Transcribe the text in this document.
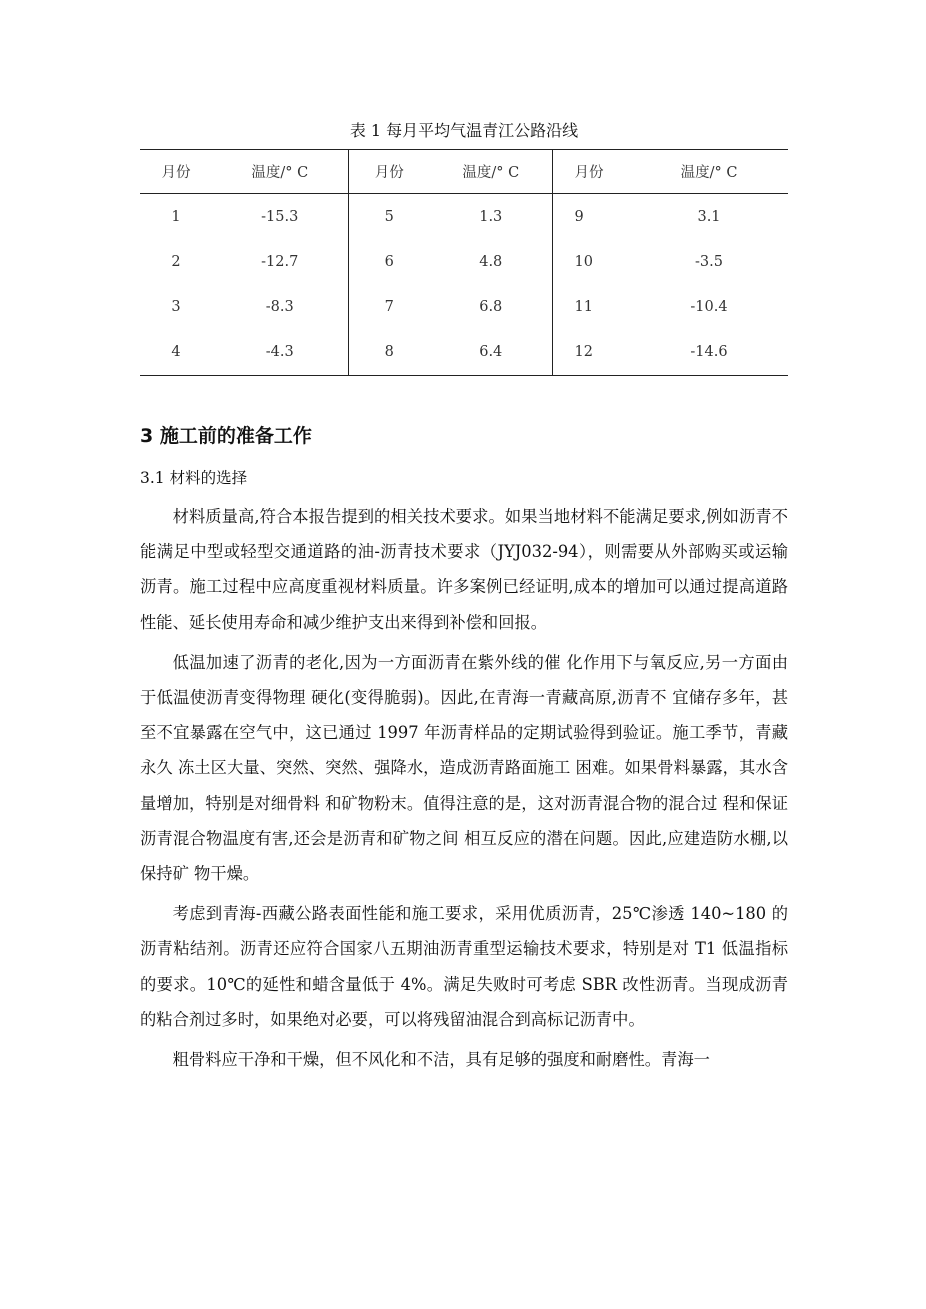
表 1 每月平均气温青江公路沿线
月份	温度/° C	月份	温度/° C	月份	温度/° C
1	-15.3	5	1.3	9	3.1
2	-12.7	6	4.8	10	-3.5
3	-8.3	7	6.8	11	-10.4
4	-4.3	8	6.4	12	-14.6
3 施工前的准备工作
3.1 材料的选择

材料质量高,符合本报告提到的相关技术要求。如果当地材料不能满足要求,例如沥青不能满足中型或轻型交通道路的油-沥青技术要求（JYJ032-94），则需要从外部购买或运输沥青。施工过程中应高度重视材料质量。许多案例已经证明,成本的增加可以通过提高道路性能、延长使用寿命和减少维护支出来得到补偿和回报。

低温加速了沥青的老化,因为一方面沥青在紫外线的催 化作用下与氧反应,另一方面由于低温使沥青变得物理 硬化(变得脆弱)。因此,在青海一青藏高原,沥青不 宜储存多年，甚至不宜暴露在空气中，这已通过 1997 年沥青样品的定期试验得到验证。施工季节，青藏永久 冻土区大量、突然、突然、强降水，造成沥青路面施工 困难。如果骨料暴露，其水含量增加，特别是对细骨料 和矿物粉末。值得注意的是，这对沥青混合物的混合过 程和保证沥青混合物温度有害,还会是沥青和矿物之间 相互反应的潜在问题。因此,应建造防水棚,以保持矿 物干燥。

考虑到青海-西藏公路表面性能和施工要求，采用优质沥青，25℃渗透 140~180 的沥青粘结剂。沥青还应符合国家八五期油沥青重型运输技术要求，特别是对 T1 低温指标的要求。10℃的延性和蜡含量低于 4%。满足失败时可考虑 SBR 改性沥青。当现成沥青的粘合剂过多时，如果绝对必要，可以将残留油混合到高标记沥青中。

粗骨料应干净和干燥，但不风化和不洁，具有足够的强度和耐磨性。青海一
